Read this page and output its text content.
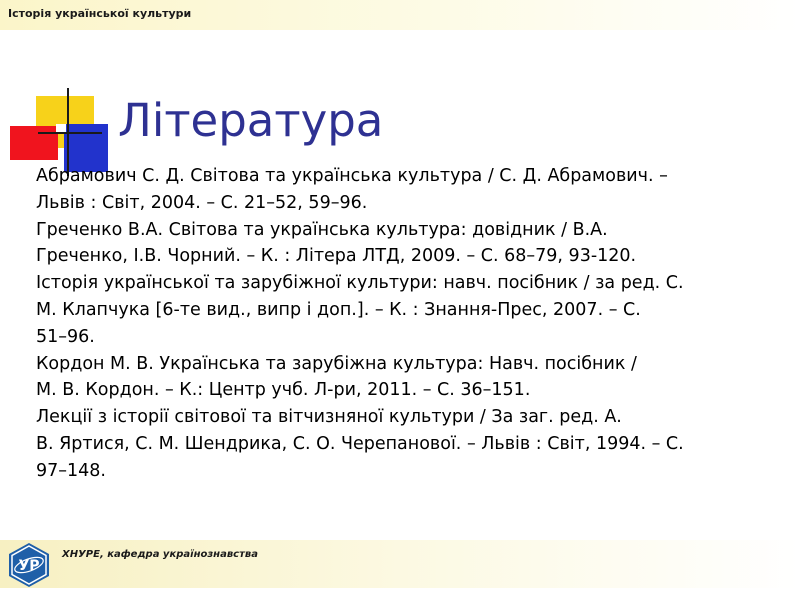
Історія української культури
Література
Абрамович С. Д. Світова та українська культура / С. Д. Абрамович. –
Львів : Світ, 2004. – С. 21–52, 59–96.
Греченко В.А. Світова та українська культура: довідник / В.А.
Греченко, І.В. Чорний. – К. : Літера ЛТД, 2009. – С. 68–79, 93-120.
Історія української та зарубіжної культури: навч. посібник / за ред. С.
М. Клапчука [6-те вид., випр і доп.]. – К. : Знання-Прес, 2007. – С.
51–96.
Кордон М. В. Українська та зарубіжна культура: Навч. посібник /
М. В. Кордон. – К.: Центр учб. Л-ри, 2011. – С. 36–151.
Лекції з історії світової та вітчизняної культури / За заг. ред. А.
В. Яртися, С. М. Шендрика, С. О. Черепанової. – Львів : Світ, 1994. – С.
97–148.
УР
ХНУРЕ, кафедра українознавства
